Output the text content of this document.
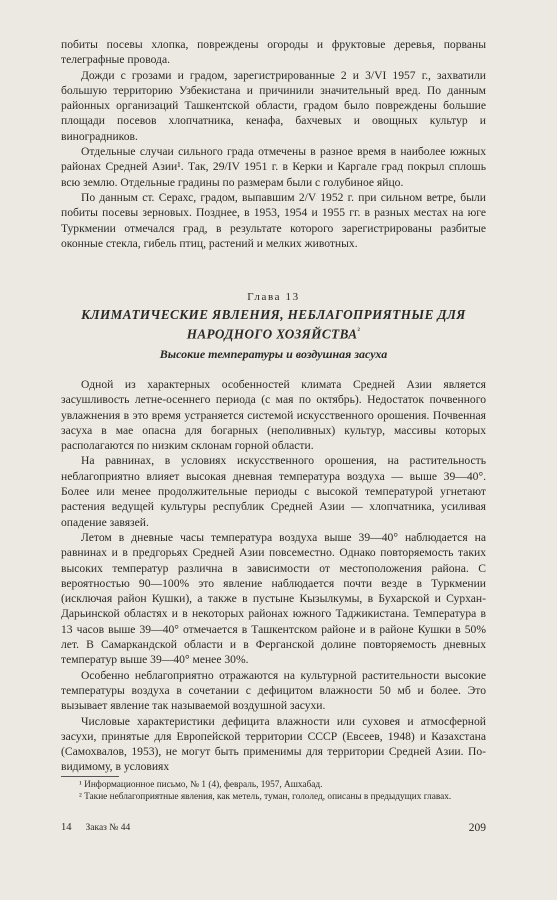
побиты посевы хлопка, повреждены огороды и фруктовые деревья, порваны телеграфные провода.

Дожди с грозами и градом, зарегистрированные 2 и 3/VI 1957 г., захватили большую территорию Узбекистана и причинили значительный вред. По данным районных организаций Ташкентской области, градом было повреждены большие площади посевов хлопчатника, кенафа, бахчевых и овощных культур и виноградников.

Отдельные случаи сильного града отмечены в разное время в наиболее южных районах Средней Азии¹. Так, 29/IV 1951 г. в Керки и Каргале град покрыл сплошь всю землю. Отдельные градины по размерам были с голубиное яйцо.

По данным ст. Серахс, градом, выпавшим 2/V 1952 г. при сильном ветре, были побиты посевы зерновых. Позднее, в 1953, 1954 и 1955 гг. в разных местах на юге Туркмении отмечался град, в результате которого зарегистрированы разбитые оконные стекла, гибель птиц, растений и мелких животных.

Глава 13
КЛИМАТИЧЕСКИЕ ЯВЛЕНИЯ, НЕБЛАГОПРИЯТНЫЕ ДЛЯ НАРОДНОГО $ХОЗЯЙСТВА^{^2}$
Высокие температуры и воздушная засуха

Одной из характерных особенностей климата Средней Азии является засушливость летне-осеннего периода (с мая по октябрь). Недостаток почвенного увлажнения в это время устраняется системой искусственного орошения. Почвенная засуха в мае опасна для богарных (неполивных) культур, массивы которых располагаются по низким склонам горной области.

На равнинах, в условиях искусственного орошения, на растительность неблагоприятно влияет высокая дневная температура воздуха — выше 39—40°. Более или менее продолжительные периоды с высокой температурой угнетают растения ведущей культуры республик Средней Азии — хлопчатника, усиливая опадение завязей.

Летом в дневные часы температура воздуха выше 39—40° наблюдается на равнинах и в предгорьях Средней Азии повсеместно. Однако повторяемость таких высоких температур различна в зависимости от местоположения района. С вероятностью 90—100% это явление наблюдается почти везде в Туркмении (исключая район Кушки), а также в пустыне Кызылкумы, в Бухарской и Сурхан-Дарьинской областях и в некоторых районах южного Таджикистана. Температура в 13 часов выше 39—40° отмечается в Ташкентском районе и в районе Кушки в 50% лет. В Самаркандской области и в Ферганской долине повторяемость дневных температур выше 39—40° менее 30%.

Особенно неблагоприятно отражаются на культурной растительности высокие температуры воздуха в сочетании с дефицитом влажности 50 мб и более. Это вызывает явление так называемой воздушной засухи.

Числовые характеристики дефицита влажности или суховея и атмосферной засухи, принятые для Европейской территории СССР (Евсеев, 1948) и Казахстана (Самохвалов, 1953), не могут быть применимы для территории Средней Азии. По-видимому, в условиях

¹ Информационное письмо, № 1 (4), февраль, 1957, Ашхабад.

² Такие неблагоприятные явления, как метель, туман, гололед, описаны в предыдущих главах.

14 Заказ № 44	209
